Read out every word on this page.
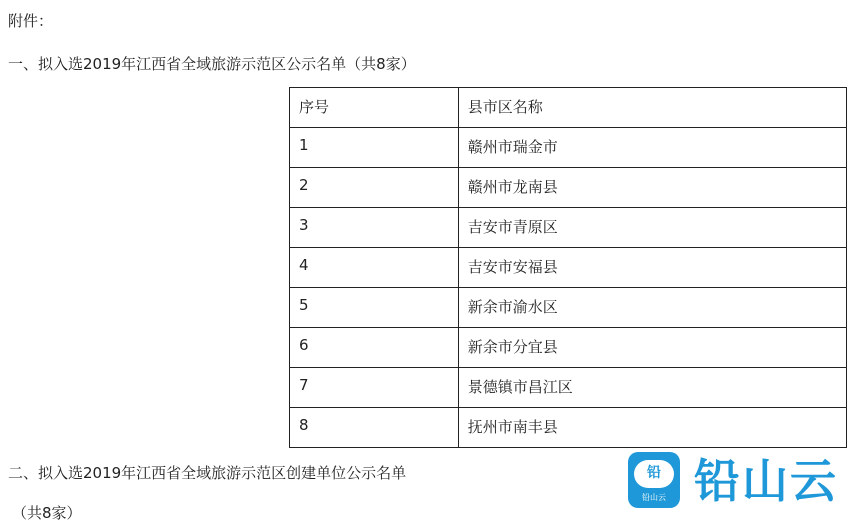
附件：
一、拟入选2019年江西省全域旅游示范区公示名单（共8家）
序号	县市区名称
1	赣州市瑞金市
2	赣州市龙南县
3	吉安市青原区
4	吉安市安福县
5	新余市渝水区
6	新余市分宜县
7	景德镇市昌江区
8	抚州市南丰县
二、拟入选2019年江西省全域旅游示范区创建单位公示名单
（共8家）
铅
铅山云 铅山云
